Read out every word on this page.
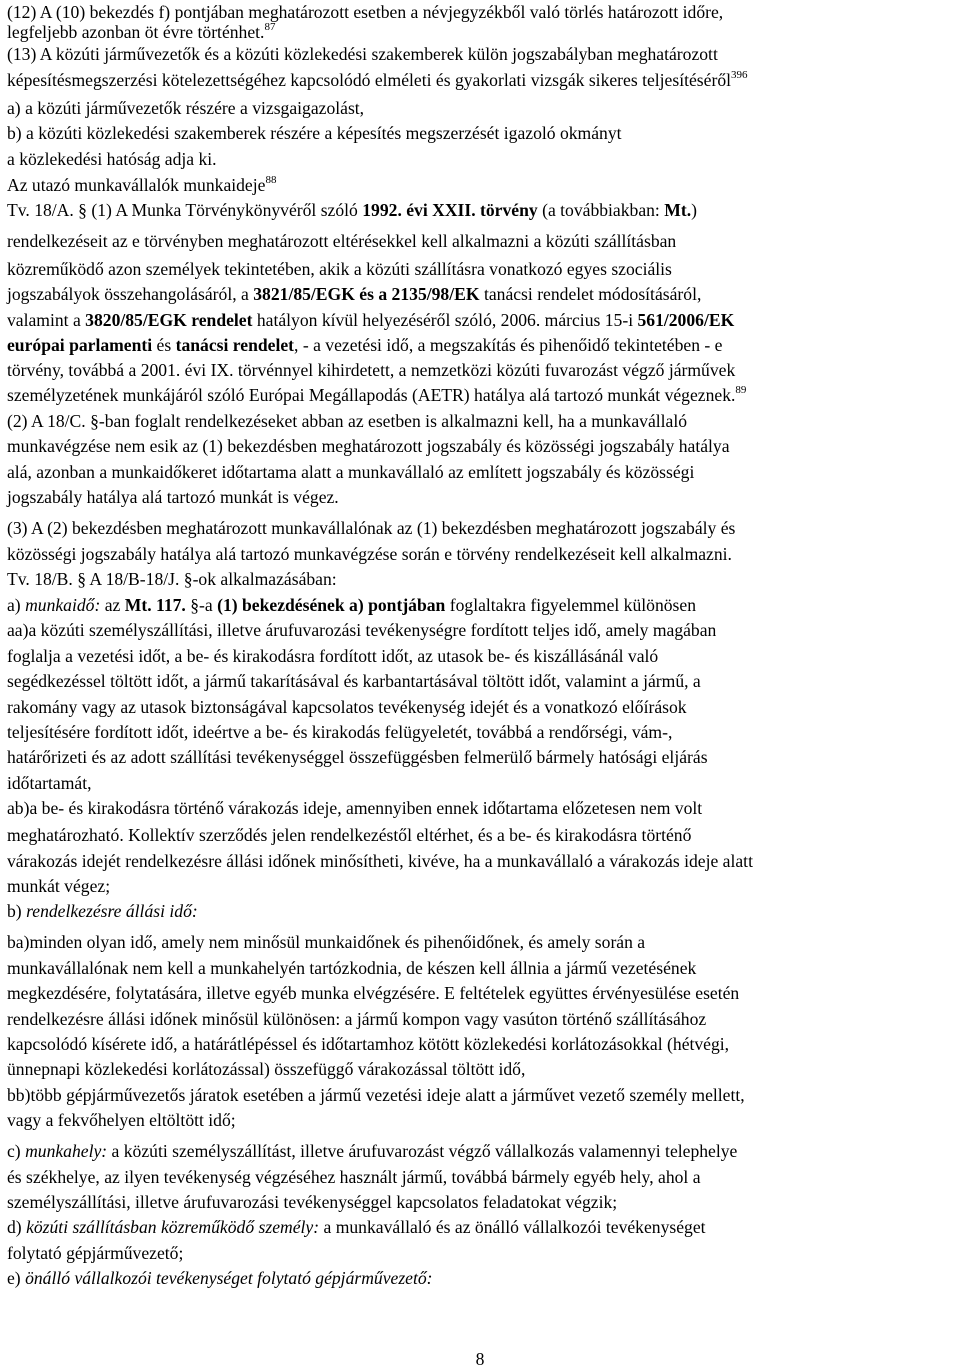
(12) A (10) bekezdés f) pontjában meghatározott esetben a névjegyzékből való törlés határozott időre,
legfeljebb azonban öt évre történhet.$^{87}$
(13) A közúti járművezetők és a közúti közlekedési szakemberek külön jogszabályban meghatározott
képesítésmegszerzési kötelezettségéhez kapcsolódó elméleti és gyakorlati vizsgák sikeres teljesítéséről$^{396}$
a) a közúti járművezetők részére a vizsgaigazolást,
b) a közúti közlekedési szakemberek részére a képesítés megszerzését igazoló okmányt
a közlekedési hatóság adja ki.
Az utazó munkavállalók munkaideje$^{88}$
Tv. 18/A. § (1) A Munka Törvénykönyvéről szóló 1992. évi XXII. törvény (a továbbiakban: Mt.)
rendelkezéseit az e törvényben meghatározott eltérésekkel kell alkalmazni a közúti szállításban
közreműködő azon személyek tekintetében, akik a közúti szállításra vonatkozó egyes szociális
jogszabályok összehangolásáról, a 3821/85/EGK és a 2135/98/EK tanácsi rendelet módosításáról,
valamint a 3820/85/EGK rendelet hatályon kívül helyezéséről szóló, 2006. március 15-i 561/2006/EK
európai parlamenti és tanácsi rendelet, - a vezetési idő, a megszakítás és pihenőidő tekintetében - e
törvény, továbbá a 2001. évi IX. törvénnyel kihirdetett, a nemzetközi közúti fuvarozást végző járművek
személyzetének munkájáról szóló Európai Megállapodás (AETR) hatálya alá tartozó munkát végeznek.$^{89}$
(2) A 18/C. §-ban foglalt rendelkezéseket abban az esetben is alkalmazni kell, ha a munkavállaló
munkavégzése nem esik az (1) bekezdésben meghatározott jogszabály és közösségi jogszabály hatálya
alá, azonban a munkaidőkeret időtartama alatt a munkavállaló az említett jogszabály és közösségi
jogszabály hatálya alá tartozó munkát is végez.
(3) A (2) bekezdésben meghatározott munkavállalónak az (1) bekezdésben meghatározott jogszabály és
közösségi jogszabály hatálya alá tartozó munkavégzése során e törvény rendelkezéseit kell alkalmazni.
Tv. 18/B. § A 18/B-18/J. §-ok alkalmazásában:
a) munkaidő: az Mt. 117. §-a (1) bekezdésének a) pontjában foglaltakra figyelemmel különösen
aa)a közúti személyszállítási, illetve árufuvarozási tevékenységre fordított teljes idő, amely magában
foglalja a vezetési időt, a be- és kirakodásra fordított időt, az utasok be- és kiszállásánál való
segédkezéssel töltött időt, a jármű takarításával és karbantartásával töltött időt, valamint a jármű, a
rakomány vagy az utasok biztonságával kapcsolatos tevékenység idejét és a vonatkozó előírások
teljesítésére fordított időt, ideértve a be- és kirakodás felügyeletét, továbbá a rendőrségi, vám-,
határőrizeti és az adott szállítási tevékenységgel összefüggésben felmerülő bármely hatósági eljárás
időtartamát,
ab)a be- és kirakodásra történő várakozás ideje, amennyiben ennek időtartama előzetesen nem volt
meghatározható. Kollektív szerződés jelen rendelkezéstől eltérhet, és a be- és kirakodásra történő
várakozás idejét rendelkezésre állási időnek minősítheti, kivéve, ha a munkavállaló a várakozás ideje alatt
munkát végez;
b) rendelkezésre állási idő:
ba)minden olyan idő, amely nem minősül munkaidőnek és pihenőidőnek, és amely során a
munkavállalónak nem kell a munkahelyén tartózkodnia, de készen kell állnia a jármű vezetésének
megkezdésére, folytatására, illetve egyéb munka elvégzésére. E feltételek együttes érvényesülése esetén
rendelkezésre állási időnek minősül különösen: a jármű kompon vagy vasúton történő szállításához
kapcsolódó kísérete idő, a határátlépéssel és időtartamhoz kötött közlekedési korlátozásokkal (hétvégi,
ünnepnapi közlekedési korlátozással) összefüggő várakozással töltött idő,
bb)több gépjárművezetős járatok esetében a jármű vezetési ideje alatt a járművet vezető személy mellett,
vagy a fekvőhelyen eltöltött idő;
c) munkahely: a közúti személyszállítást, illetve árufuvarozást végző vállalkozás valamennyi telephelye
és székhelye, az ilyen tevékenység végzéséhez használt jármű, továbbá bármely egyéb hely, ahol a
személyszállítási, illetve árufuvarozási tevékenységgel kapcsolatos feladatokat végzik;
d) közúti szállításban közreműködő személy: a munkavállaló és az önálló vállalkozói tevékenységet
folytató gépjárművezető;
e) önálló vállalkozói tevékenységet folytató gépjárművezető:
8
